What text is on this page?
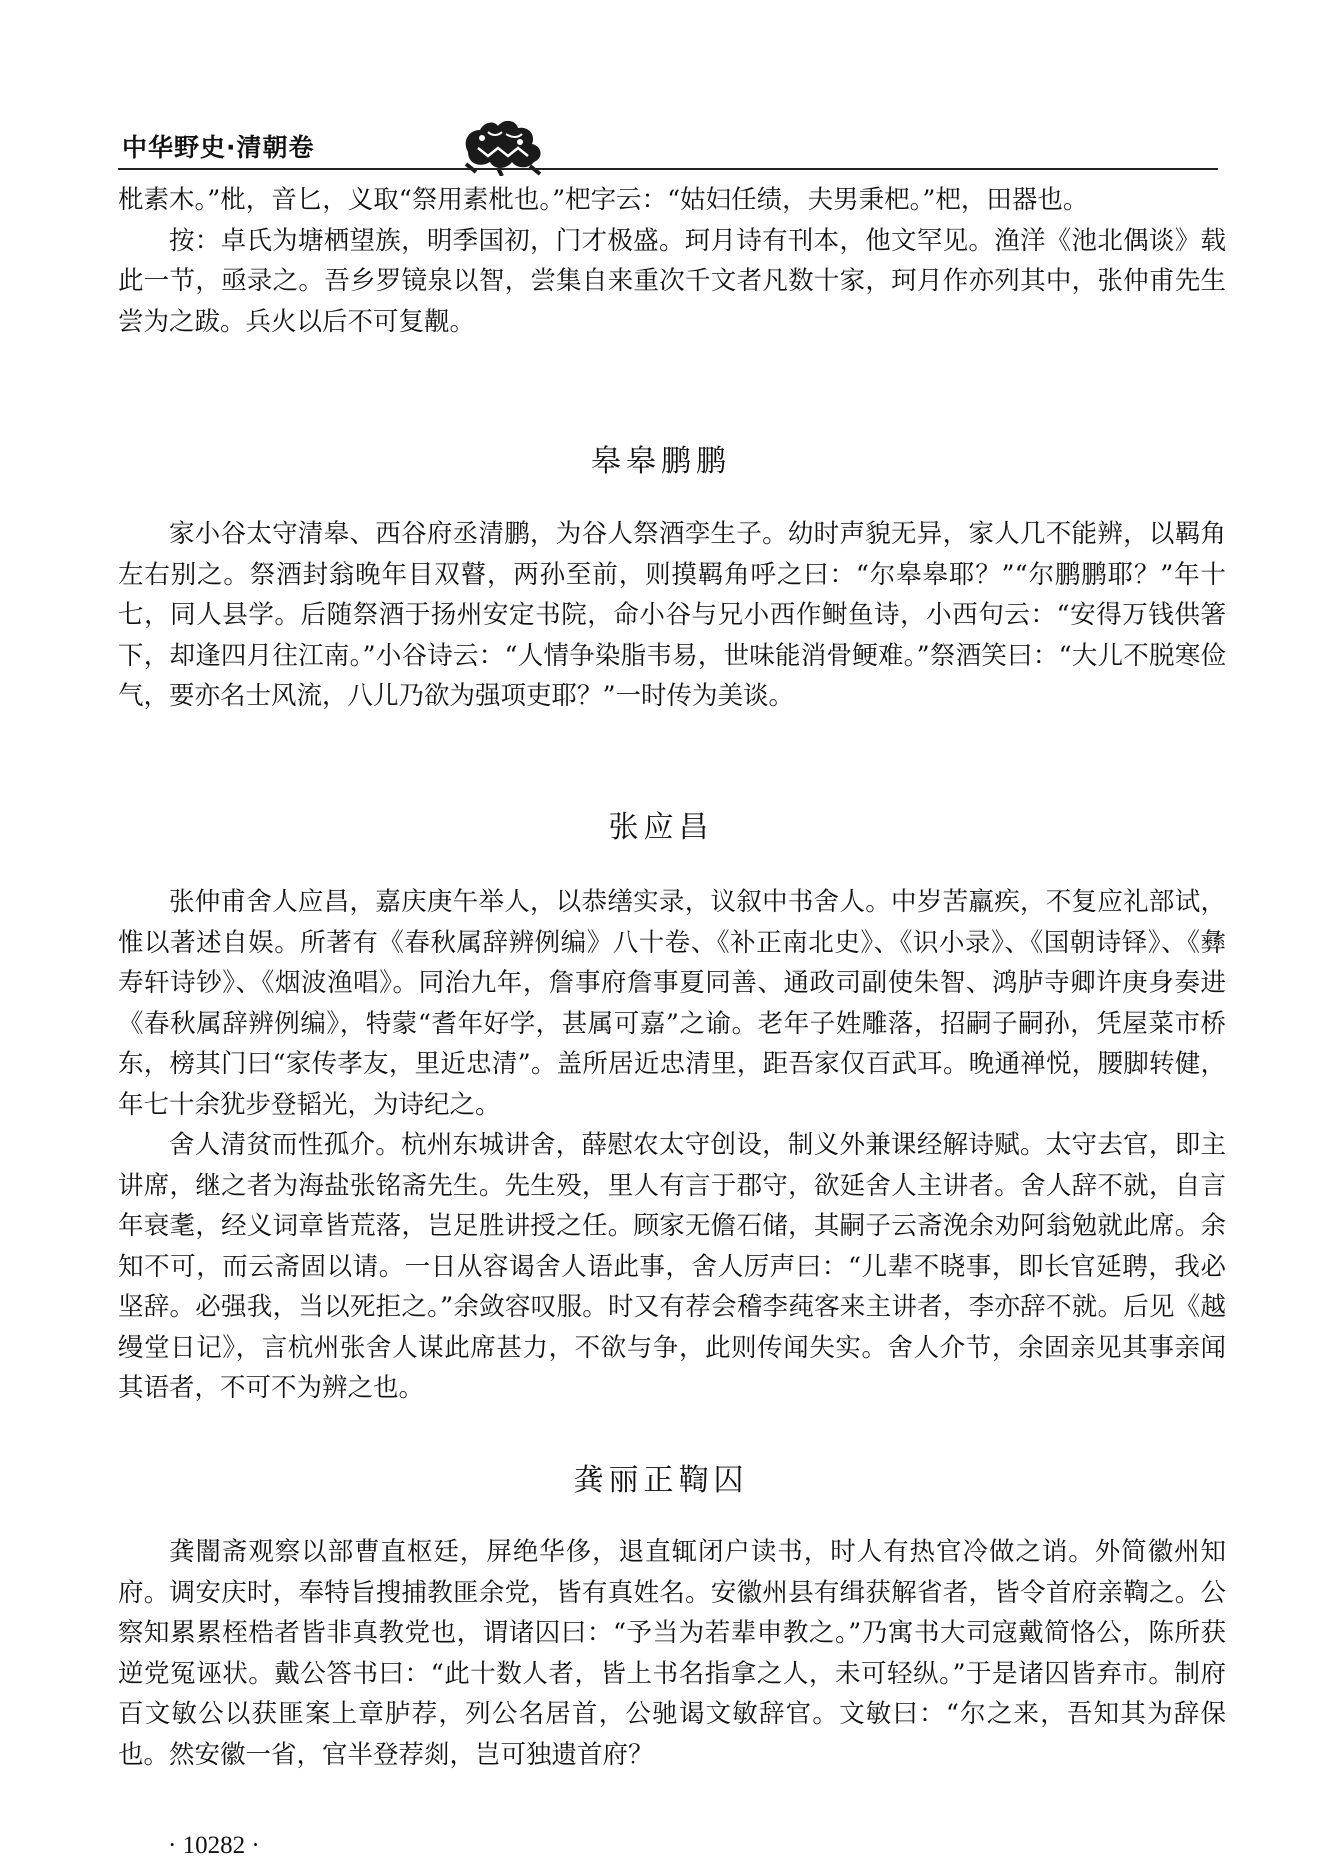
中华野史·清朝卷

枇素木。”枇，音匕，义取“祭用素枇也。”杷字云：“姑妇任绩，夫男秉杷。”杷，田器也。

按：卓氏为塘栖望族，明季国初，门才极盛。珂月诗有刊本，他文罕见。渔洋《池北偶谈》载此一节，亟录之。吾乡罗镜泉以智，尝集自来重次千文者凡数十家，珂月作亦列其中，张仲甫先生尝为之跋。兵火以后不可复觏。

皋皋鹏鹏

家小谷太守清皋、西谷府丞清鹏，为谷人祭酒孪生子。幼时声貌无异，家人几不能辨，以羁角左右别之。祭酒封翁晚年目双瞽，两孙至前，则摸羁角呼之曰：“尔皋皋耶？”“尔鹏鹏耶？”年十七，同人县学。后随祭酒于扬州安定书院，命小谷与兄小西作鲥鱼诗，小西句云：“安得万钱供箸下，却逢四月往江南。”小谷诗云：“人情争染脂韦易，世味能消骨鲠难。”祭酒笑曰：“大儿不脱寒俭气，要亦名士风流，八儿乃欲为强项吏耶？”一时传为美谈。

张应昌

张仲甫舍人应昌，嘉庆庚午举人，以恭缮实录，议叙中书舍人。中岁苦羸疾，不复应礼部试，惟以著述自娱。所著有《春秋属辞辨例编》八十卷、《补正南北史》、《识小录》、《国朝诗铎》、《彝寿轩诗钞》、《烟波渔唱》。同治九年，詹事府詹事夏同善、通政司副使朱智、鸿胪寺卿许庚身奏进《春秋属辞辨例编》，特蒙“耆年好学，甚属可嘉”之谕。老年子姓雕落，招嗣子嗣孙，凭屋菜市桥东，榜其门曰“家传孝友，里近忠清”。盖所居近忠清里，距吾家仅百武耳。晚通禅悦，腰脚转健，年七十余犹步登韬光，为诗纪之。

舍人清贫而性孤介。杭州东城讲舍，薛慰农太守创设，制义外兼课经解诗赋。太守去官，即主讲席，继之者为海盐张铭斋先生。先生殁，里人有言于郡守，欲延舍人主讲者。舍人辞不就，自言年衰耄，经义词章皆荒落，岂足胜讲授之任。顾家无儋石储，其嗣子云斋浼余劝阿翁勉就此席。余知不可，而云斋固以请。一日从容谒舍人语此事，舍人厉声曰：“儿辈不晓事，即长官延聘，我必坚辞。必强我，当以死拒之。”余敛容叹服。时又有荐会稽李莼客来主讲者，李亦辞不就。后见《越缦堂日记》，言杭州张舍人谋此席甚力，不欲与争，此则传闻失实。舍人介节，余固亲见其事亲闻其语者，不可不为辨之也。

龚丽正鞫囚

龚闇斋观察以部曹直枢廷，屏绝华侈，退直辄闭户读书，时人有热官冷做之诮。外简徽州知府。调安庆时，奉特旨搜捕教匪余党，皆有真姓名。安徽州县有缉获解省者，皆令首府亲鞫之。公察知累累桎梏者皆非真教党也，谓诸囚曰：“予当为若辈申教之。”乃寓书大司寇戴简恪公，陈所获逆党冤诬状。戴公答书曰：“此十数人者，皆上书名指拿之人，未可轻纵。”于是诸囚皆弃市。制府百文敏公以获匪案上章胪荐，列公名居首，公驰谒文敏辞官。文敏曰：“尔之来，吾知其为辞保也。然安徽一省，官半登荐剡，岂可独遗首府？

· 10282 ·
